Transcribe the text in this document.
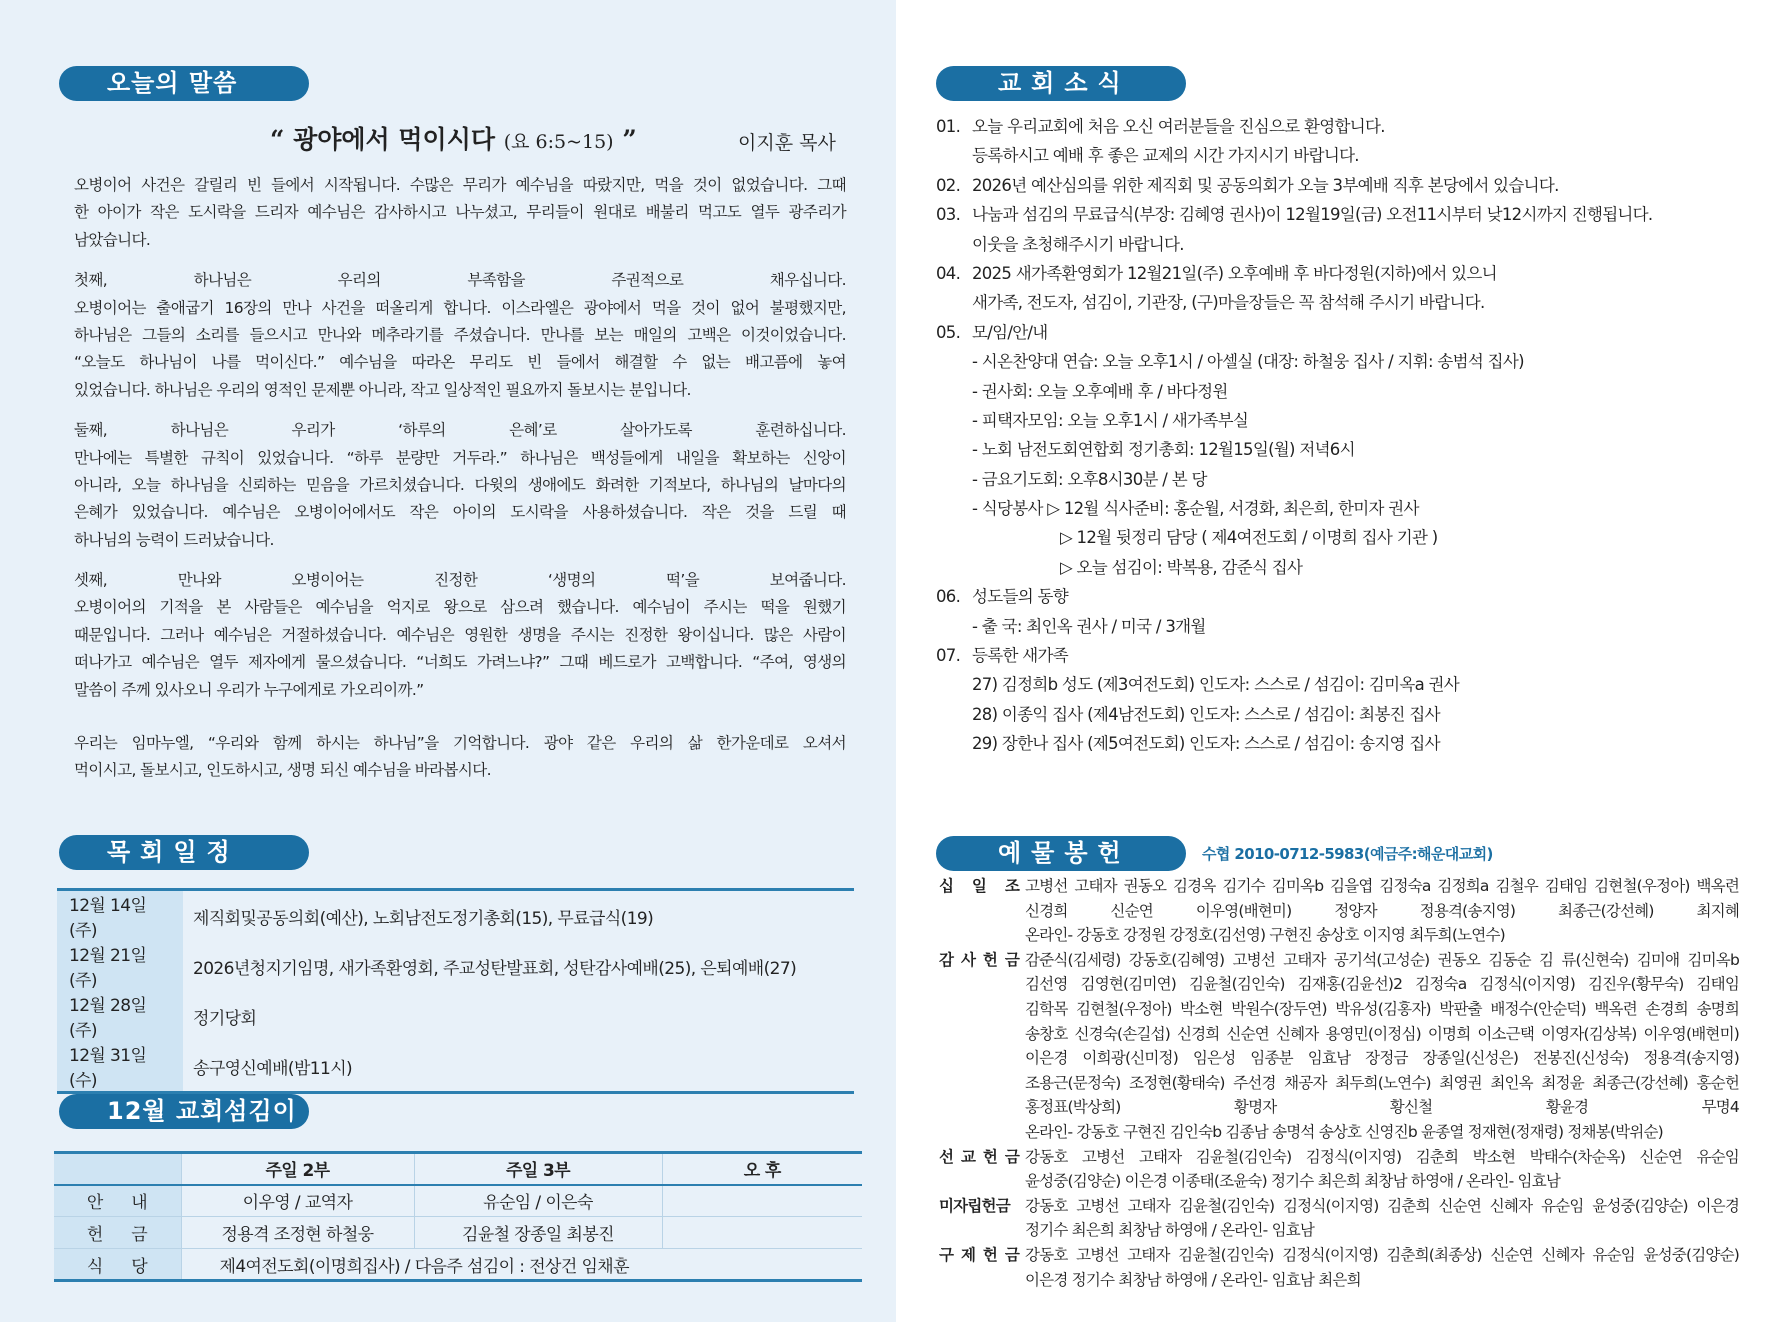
오늘의 말씀
“ 광야에서 먹이시다 (요 6:5~15) ”	이지훈 목사
오병이어 사건은 갈릴리 빈 들에서 시작됩니다. 수많은 무리가 예수님을 따랐지만, 먹을 것이 없었습니다. 그때
한 아이가 작은 도시락을 드리자 예수님은 감사하시고 나누셨고, 무리들이 원대로 배불리 먹고도 열두 광주리가
남았습니다.
첫째, 하나님은 우리의 부족함을 주권적으로 채우십니다.
오병이어는 출애굽기 16장의 만나 사건을 떠올리게 합니다. 이스라엘은 광야에서 먹을 것이 없어 불평했지만,
하나님은 그들의 소리를 들으시고 만나와 메추라기를 주셨습니다. 만나를 보는 매일의 고백은 이것이었습니다.
“오늘도 하나님이 나를 먹이신다.” 예수님을 따라온 무리도 빈 들에서 해결할 수 없는 배고픔에 놓여
있었습니다. 하나님은 우리의 영적인 문제뿐 아니라, 작고 일상적인 필요까지 돌보시는 분입니다.
둘째, 하나님은 우리가 ‘하루의 은혜’로 살아가도록 훈련하십니다.
만나에는 특별한 규칙이 있었습니다. “하루 분량만 거두라.” 하나님은 백성들에게 내일을 확보하는 신앙이
아니라, 오늘 하나님을 신뢰하는 믿음을 가르치셨습니다. 다윗의 생애에도 화려한 기적보다, 하나님의 날마다의
은혜가 있었습니다. 예수님은 오병이어에서도 작은 아이의 도시락을 사용하셨습니다. 작은 것을 드릴 때
하나님의 능력이 드러났습니다.
셋째, 만나와 오병이어는 진정한 ‘생명의 떡’을 보여줍니다.
오병이어의 기적을 본 사람들은 예수님을 억지로 왕으로 삼으려 했습니다. 예수님이 주시는 떡을 원했기
때문입니다. 그러나 예수님은 거절하셨습니다. 예수님은 영원한 생명을 주시는 진정한 왕이십니다. 많은 사람이
떠나가고 예수님은 열두 제자에게 물으셨습니다. “너희도 가려느냐?” 그때 베드로가 고백합니다. “주여, 영생의
말씀이 주께 있사오니 우리가 누구에게로 가오리이까.”
우리는 임마누엘, “우리와 함께 하시는 하나님”을 기억합니다. 광야 같은 우리의 삶 한가운데로 오셔서
먹이시고, 돌보시고, 인도하시고, 생명 되신 예수님을 바라봅시다.
목회일정
12월 14일(주)	제직회및공동의회(예산), 노회남전도정기총회(15), 무료급식(19)
12월 21일(주)	2026년청지기임명, 새가족환영회, 주교성탄발표회, 성탄감사예배(25), 은퇴예배(27)
12월 28일(주)	정기당회
12월 31일(수)	송구영신예배(밤11시)
12월 교회섬김이
	주일 2부	주일 3부	오 후
안내	이우영 / 교역자	유순임 / 이은숙	
헌금	정용격 조정현 하철웅	김윤철 장종일 최봉진	
식당	제4여전도회(이명희집사) / 다음주 섬김이 : 전상건 임채훈		
교회소식
01. 오늘 우리교회에 처음 오신 여러분들을 진심으로 환영합니다.
등록하시고 예배 후 좋은 교제의 시간 가지시기 바랍니다.
02. 2026년 예산심의를 위한 제직회 및 공동의회가 오늘 3부예배 직후 본당에서 있습니다.
03. 나눔과 섬김의 무료급식(부장: 김혜영 권사)이 12월19일(금) 오전11시부터 낮12시까지 진행됩니다.
이웃을 초청해주시기 바랍니다.
04. 2025 새가족환영회가 12월21일(주) 오후예배 후 바다정원(지하)에서 있으니
새가족, 전도자, 섬김이, 기관장, (구)마을장들은 꼭 참석해 주시기 바랍니다.
05. 모/임/안/내
- 시온찬양대 연습: 오늘 오후1시 / 아셀실 (대장: 하철웅 집사 / 지휘: 송범석 집사)
- 권사회: 오늘 오후예배 후 / 바다정원
- 피택자모임: 오늘 오후1시 / 새가족부실
- 노회 남전도회연합회 정기총회: 12월15일(월) 저녁6시
- 금요기도회: 오후8시30분 / 본 당
- 식당봉사 ▷ 12월 식사준비: 홍순월, 서경화, 최은희, 한미자 권사
▷ 12월 뒷정리 담당 ( 제4여전도회 / 이명희 집사 기관 )
▷ 오늘 섬김이: 박복용, 감준식 집사
06. 성도들의 동향
- 출 국: 최인옥 권사 / 미국 / 3개월
07. 등록한 새가족
27) 김정희b 성도 (제3여전도회) 인도자: 스스로 / 섬김이: 김미옥a 권사
28) 이종익 집사 (제4남전도회) 인도자: 스스로 / 섬김이: 최봉진 집사
29) 장한나 집사 (제5여전도회) 인도자: 스스로 / 섬김이: 송지영 집사
예물봉헌	수협 2010-0712-5983(예금주:해운대교회)
십 일 조 고병선 고태자 권동오 김경옥 김기수 김미옥b 김을엽 김정숙a 김정희a 김철우 김태임 김현철(우정아) 백옥련
신경희 신순연 이우영(배현미) 정양자 정용격(송지영) 최종근(강선혜) 최지혜
온라인- 강동호 강정원 강정호(김선영) 구현진 송상호 이지영 최두희(노연수)
감 사 헌 금 감준식(김세령) 강동호(김혜영) 고병선 고태자 공기석(고성순) 권동오 김동순 김 류(신현숙) 김미애 김미옥b
김선영 김영현(김미연) 김윤철(김인숙) 김재홍(김윤선)2 김정숙a 김정식(이지영) 김진우(황무숙) 김태임
김학목 김현철(우정아) 박소현 박원수(장두연) 박유성(김홍자) 박판출 배정수(안순덕) 백옥련 손경희 송명희
송창호 신경숙(손길섭) 신경희 신순연 신혜자 용영민(이정심) 이명희 이소근택 이영자(김상복) 이우영(배현미)
이은경 이희광(신미정) 임은성 임종분 임효남 장정금 장종일(신성은) 전봉진(신성숙) 정용격(송지영)
조용근(문정숙) 조정현(황태숙) 주선경 채공자 최두희(노연수) 최영권 최인옥 최정윤 최종근(강선혜) 홍순헌
홍정표(박상희) 황명자 황신철 황윤경 무명4
온라인- 강동호 구현진 김인숙b 김종남 송명석 송상호 신영진b 윤종열 정재현(정재령) 정채봉(박위순)
선 교 헌 금 강동호 고병선 고태자 김윤철(김인숙) 김정식(이지영) 김춘희 박소현 박태수(차순옥) 신순연 유순임
윤성중(김양순) 이은경 이종태(조윤숙) 정기수 최은희 최창남 하영애 / 온라인- 임효남
미자립헌금 강동호 고병선 고태자 김윤철(김인숙) 김정식(이지영) 김춘희 신순연 신혜자 유순임 윤성중(김양순) 이은경
정기수 최은희 최창남 하영애 / 온라인- 임효남
구 제 헌 금 강동호 고병선 고태자 김윤철(김인숙) 김정식(이지영) 김춘희(최종상) 신순연 신혜자 유순임 윤성중(김양순)
이은경 정기수 최창남 하영애 / 온라인- 임효남 최은희
